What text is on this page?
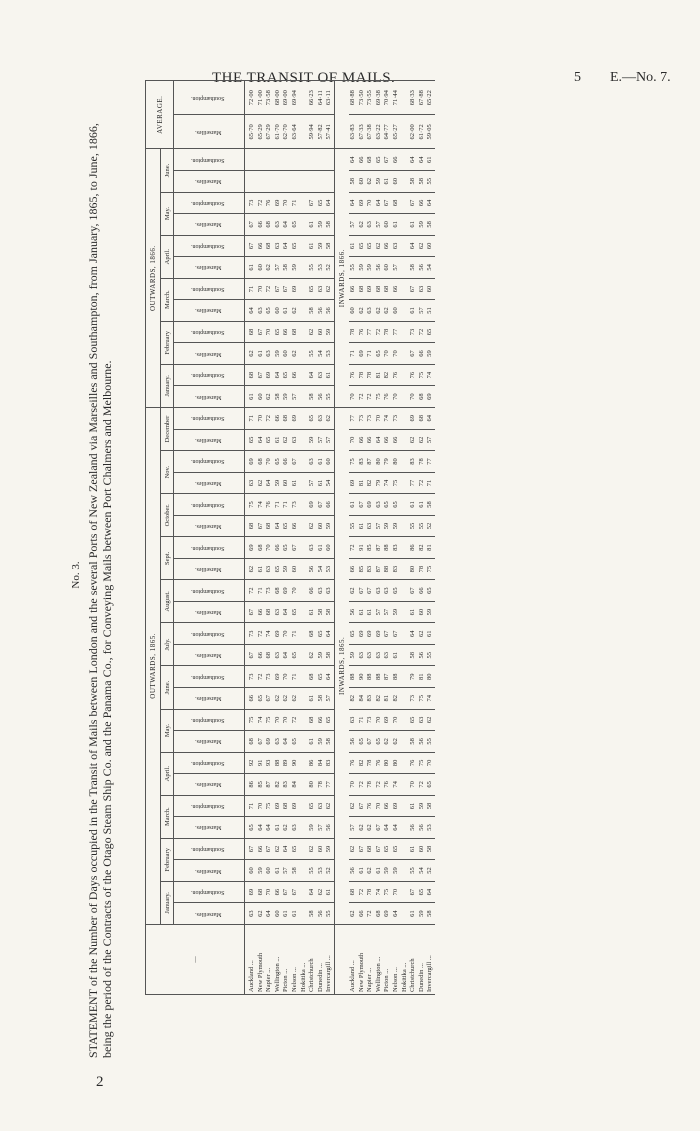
THE TRANSIT OF MAILS.	5 E.—No. 7.
No. 3. STATEMENT of the Number of Days occupied in the Transit of Mails between London and the several Ports of New Zealand via Marseilles and Southampton, from January, 1865, to June, 1866, being the period of the Contracts of the Otago Steam Ship Co. and the Panama Co., for Conveying Mails between Port Chalmers and Melbourne.	—	OUTWARDS, 1865.																								OUTWARDS, 1866.												AVERAGE.	
	January.		February		March.		April.		May.		June.		July.		August.		Sept.		October.		Nov.		December		January.		February		March.		April.		May.		June.			
	Marseilles.	Southampton.	Marseilles.	Southampton.	Marseilles.	Southampton.	Marseilles.	Southampton.	Marseilles.	Southampton.	Marseilles.	Southampton.	Marseilles.	Southampton.	Marseilles.	Southampton.	Marseilles.	Southampton.	Marseilles.	Southampton.	Marseilles.	Southampton.	Marseilles.	Southampton.	Marseilles.	Southampton.	Marseilles.	Southampton.	Marseilles.	Southampton.	Marseilles.	Southampton.	Marseilles.	Southampton.	Marseilles.	Southampton.	Marseilles.	Southampton.
Auckland ...	63	69	60	67	65	71	86	92	68	75	66	73	67	73	67	72	62	69	68	75	63	69	65	71	61	68	62	68	64	71	61	67	67	73			65·70	72·00
New Plymouth	62	68	59	66	64	70	85	91	67	74	65	72	66	72	66	71	61	68	67	74	62	68	64	70	60	67	61	67	63	70	60	66	66	72			65·29	71·00
Napier ...	64	70	60	67	64	75	87	93	69	75	67	73	68	74	68	73	63	70	68	76	64	70	65	72	62	69	63	70	65	72	62	68	68	76			67·29	73·58
Wellington ...	60	66	61	62	61	69	82	88	63	70	62	69	63	69	63	68	65	66	64	71	59	65	61	66	58	64	59	65	60	67	57	63	63	69			61·70	68·00
Picton ...	61	67	57	64	62	68	83	89	64	70	62	70	64	70	64	69	59	65	65	71	60	66	62	68	59	65	60	66	61	67	58	64	64	70			62·70	69·00
Nelson ...	61	67	58	65	63	69	84	90	65	72	62	71	65	71	65	70	60	67	66	73	61	67	63	69	57	66	62	68	62	69	59	65	65	71			63·64	69·94
Hokitika ...																																						
Christchurch	58	64	55	62	59	65	80	86	61	68	61	68	62	68	61	66	56	63	62	69	57	63	59	65	58	64	55	62	58	65	55	61	61	67			59·94	66·23
Dunedin ...	56	62	53	60	57	63	78	84	59	66	58	65	59	65	58	63	54	61	60	67	61	61	57	63	56	63	54	60	56	63	53	59	59	65			57·82	64·11
Invercargill ...	55	61	52	59	56	62	77	83	58	65	57	64	58	64	58	63	53	60	59	66	54	60	57	62	55	61	53	59	56	62	52	58	58	64			57·41	63·11
	INWARDS, 1865.																								INWARDS, 1866.													
Auckland ...	62	68	56	62	57	62	70	76	56	63	82	88	59	65	56	62	66	72	55	61	69	75	70	77	70	76	71	78	60	66	55	61	57	64	58	64	63·83	68·88
New Plymouth	66	72	61	67	62	67	72	82	65	71	84	90	63	69	61	67	85	91	61	67	81	83	66	73	72	78	69	76	62	68	59	65	62	69	60	66	67·33	73·50
Napier ...	72	78	62	68	62	76	78	78	67	73	83	88	63	69	61	67	83	85	63	69	82	87	66	73	72	78	71	77	63	69	59	65	63	70	62	68	67·38	73·55
Wellington ...	68	74	61	67	67	70	72	76	65	70	82	88	63	69	57	63	87	87	57	63	79	80	64	70	75	81	65	72	62	68	56	62	57	64	59	65	63·22	69·38
Picton ...	69	75	59	65	64	66	76	80	62	69	81	87	63	67	57	63	88	88	59	65	74	79	66	74	76	82	70	78	62	68	60	66	60	67	61	67	64·77	70·94
Nelson ...	64	70	59	65	64	69	74	80	62	70	82	88	61	67	59	65	83	83	59	65	75	80	66	73	70	76	70	77	60	66	57	63	61	68	60	66	65·27	71·44
Hokitika ...																																						
Christchurch	61	67	55	61	56	61	70	76	58	65	73	79	58	64	61	67	80	86	55	61	77	83	62	69	70	76	67	73	61	67	58	64	61	67	58	64	62·00	68·33
Dunedin ...	59	65	54	60	56	59	72	75	56	63	75	81	56	62	60	66	78	82	55	61	72	78	62	68	68	75	66	72	57	63	56	62	59	66	58	64	61·72	67·88
Invercargill ...	58	64	52	58	53	58	65	70	55	62	74	80	55	61	59	65	75	81	52	58	71	77	57	64	69	74	59	65	51	60	54	60	58	64	55	61	59·05	65·22
2
